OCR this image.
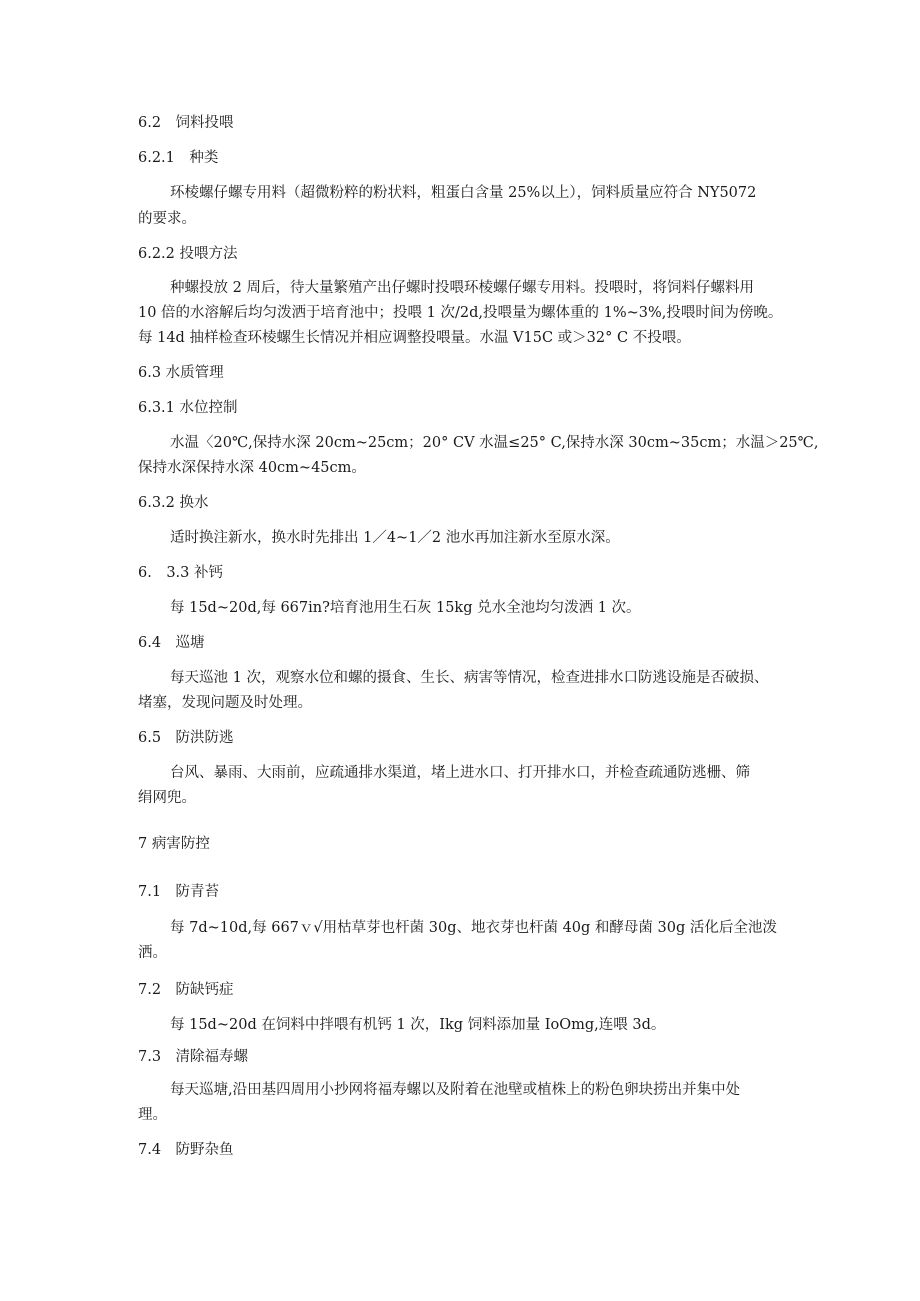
6.2　饲料投喂
6.2.1　种类
环棱螺仔螺专用料（超微粉粹的粉状料，粗蛋白含量 25%以上），饲料质量应符合 NY5072
的要求。
6.2.2 投喂方法
种螺投放 2 周后，待大量繁殖产出仔螺时投喂环棱螺仔螺专用料。投喂时，将饲料仔螺料用
10 倍的水溶解后均匀泼洒于培育池中；投喂 1 次/2d,投喂量为螺体重的 1%~3%,投喂时间为傍晚。
每 14d 抽样检查环棱螺生长情况并相应调整投喂量。水温 V15C 或＞32° C 不投喂。
6.3 水质管理
6.3.1 水位控制
水温〈20℃,保持水深 20cm~25cm；20° CV 水温≤25° C,保持水深 30cm~35cm；水温＞25℃,
保持水深保持水深 40cm~45cm。
6.3.2 换水
适时换注新水，换水时先排出 1／4~1／2 池水再加注新水至原水深。
6.　3.3 补钙
每 15d~20d,每 667in?培育池用生石灰 15kg 兑水全池均匀泼洒 1 次。
6.4　巡塘
每天巡池 1 次，观察水位和螺的摄食、生长、病害等情况，检查进排水口防逃设施是否破损、
堵塞，发现问题及时处理。
6.5　防洪防逃
台风、暴雨、大雨前，应疏通排水渠道，堵上进水口、打开排水口，并检查疏通防逃栅、筛
绢网兜。
7 病害防控
7.1　防青苔
每 7d~10d,每 667ｖ√用枯草芽也杆菌 30g、地衣芽也杆菌 40g 和酵母菌 30g 活化后全池泼
洒。
7.2　防缺钙症
每 15d~20d 在饲料中拌喂有机钙 1 次，Ikg 饲料添加量 IoOmg,连喂 3d。
7.3　清除福寿螺
每天巡塘,沿田基四周用小抄网将福寿螺以及附着在池壁或植株上的粉色卵块捞出并集中处
理。
7.4　防野杂鱼
